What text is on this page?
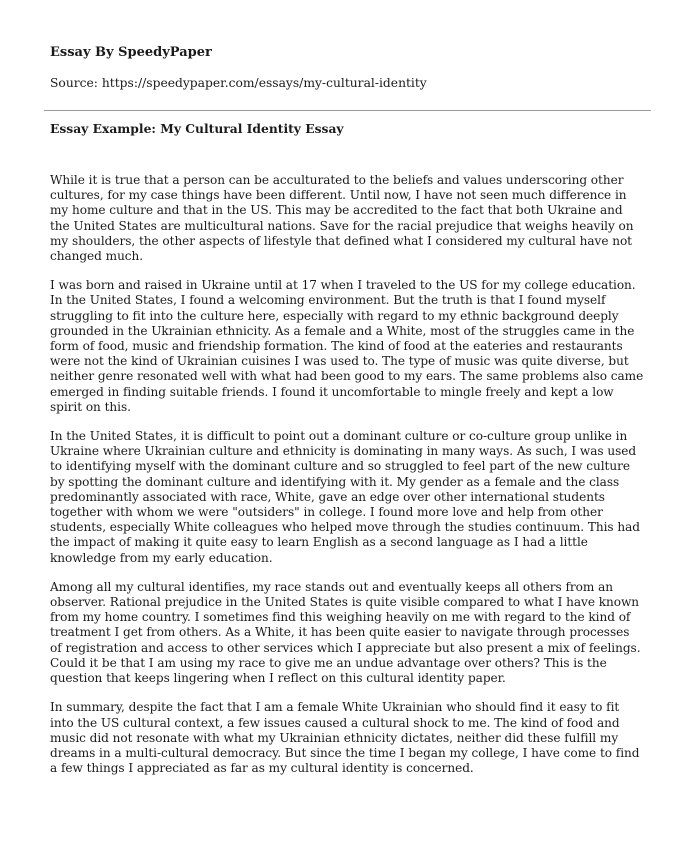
Essay By SpeedyPaper
Source: https://speedypaper.com/essays/my-cultural-identity
Essay Example: My Cultural Identity Essay

While it is true that a person can be acculturated to the beliefs and values underscoring other cultures, for my case things have been different. Until now, I have not seen much difference in my home culture and that in the US. This may be accredited to the fact that both Ukraine and the United States are multicultural nations. Save for the racial prejudice that weighs heavily on my shoulders, the other aspects of lifestyle that defined what I considered my cultural have not changed much.

I was born and raised in Ukraine until at 17 when I traveled to the US for my college education. In the United States, I found a welcoming environment. But the truth is that I found myself struggling to fit into the culture here, especially with regard to my ethnic background deeply grounded in the Ukrainian ethnicity. As a female and a White, most of the struggles came in the form of food, music and friendship formation. The kind of food at the eateries and restaurants were not the kind of Ukrainian cuisines I was used to. The type of music was quite diverse, but neither genre resonated well with what had been good to my ears. The same problems also came emerged in finding suitable friends. I found it uncomfortable to mingle freely and kept a low spirit on this.

In the United States, it is difficult to point out a dominant culture or co-culture group unlike in Ukraine where Ukrainian culture and ethnicity is dominating in many ways. As such, I was used to identifying myself with the dominant culture and so struggled to feel part of the new culture by spotting the dominant culture and identifying with it. My gender as a female and the class predominantly associated with race, White, gave an edge over other international students together with whom we were "outsiders" in college. I found more love and help from other students, especially White colleagues who helped move through the studies continuum. This had the impact of making it quite easy to learn English as a second language as I had a little knowledge from my early education.

Among all my cultural identifies, my race stands out and eventually keeps all others from an observer. Rational prejudice in the United States is quite visible compared to what I have known from my home country. I sometimes find this weighing heavily on me with regard to the kind of treatment I get from others. As a White, it has been quite easier to navigate through processes of registration and access to other services which I appreciate but also present a mix of feelings. Could it be that I am using my race to give me an undue advantage over others? This is the question that keeps lingering when I reflect on this cultural identity paper.

In summary, despite the fact that I am a female White Ukrainian who should find it easy to fit into the US cultural context, a few issues caused a cultural shock to me. The kind of food and music did not resonate with what my Ukrainian ethnicity dictates, neither did these fulfill my dreams in a multi-cultural democracy. But since the time I began my college, I have come to find a few things I appreciated as far as my cultural identity is concerned.
